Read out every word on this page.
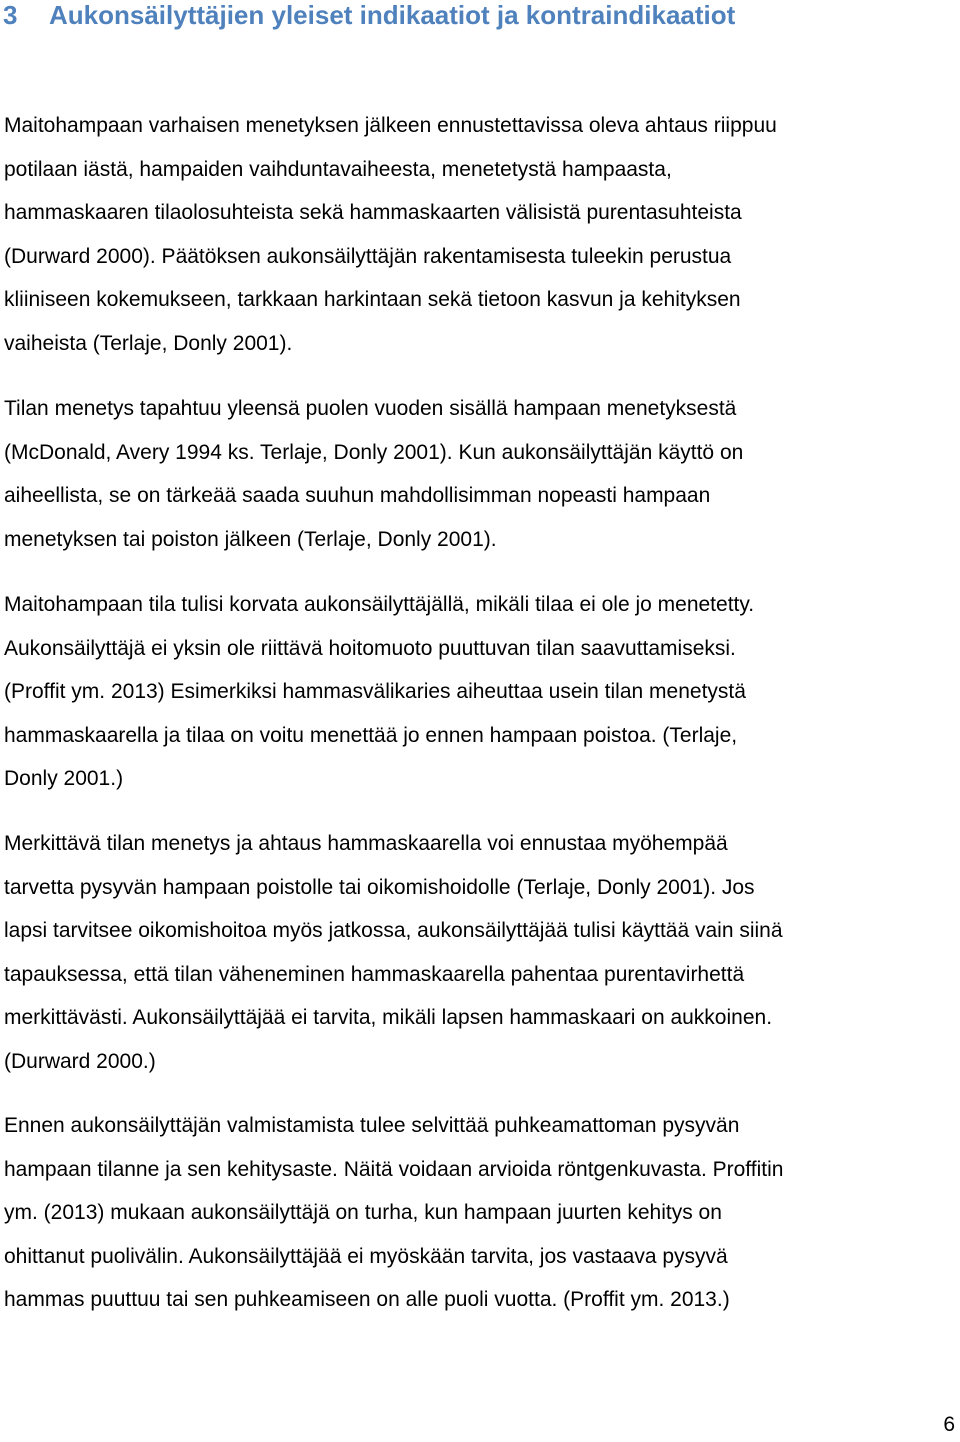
3 Aukonsäilyttäjien yleiset indikaatiot ja kontraindikaatiot
Maitohampaan varhaisen menetyksen jälkeen ennustettavissa oleva ahtaus riippuu
potilaan iästä, hampaiden vaihduntavaiheesta, menetetystä hampaasta,
hammaskaaren tilaolosuhteista sekä hammaskaarten välisistä purentasuhteista
(Durward 2000). Päätöksen aukonsäilyttäjän rakentamisesta tuleekin perustua
kliiniseen kokemukseen, tarkkaan harkintaan sekä tietoon kasvun ja kehityksen
vaiheista (Terlaje, Donly 2001).
Tilan menetys tapahtuu yleensä puolen vuoden sisällä hampaan menetyksestä
(McDonald, Avery 1994 ks. Terlaje, Donly 2001). Kun aukonsäilyttäjän käyttö on
aiheellista, se on tärkeää saada suuhun mahdollisimman nopeasti hampaan
menetyksen tai poiston jälkeen (Terlaje, Donly 2001).
Maitohampaan tila tulisi korvata aukonsäilyttäjällä, mikäli tilaa ei ole jo menetetty.
Aukonsäilyttäjä ei yksin ole riittävä hoitomuoto puuttuvan tilan saavuttamiseksi.
(Proffit ym. 2013) Esimerkiksi hammasvälikaries aiheuttaa usein tilan menetystä
hammaskaarella ja tilaa on voitu menettää jo ennen hampaan poistoa. (Terlaje,
Donly 2001.)
Merkittävä tilan menetys ja ahtaus hammaskaarella voi ennustaa myöhempää
tarvetta pysyvän hampaan poistolle tai oikomishoidolle (Terlaje, Donly 2001). Jos
lapsi tarvitsee oikomishoitoa myös jatkossa, aukonsäilyttäjää tulisi käyttää vain siinä
tapauksessa, että tilan väheneminen hammaskaarella pahentaa purentavirhettä
merkittävästi. Aukonsäilyttäjää ei tarvita, mikäli lapsen hammaskaari on aukkoinen.
(Durward 2000.)
Ennen aukonsäilyttäjän valmistamista tulee selvittää puhkeamattoman pysyvän
hampaan tilanne ja sen kehitysaste. Näitä voidaan arvioida röntgenkuvasta. Proffitin
ym. (2013) mukaan aukonsäilyttäjä on turha, kun hampaan juurten kehitys on
ohittanut puolivälin. Aukonsäilyttäjää ei myöskään tarvita, jos vastaava pysyvä
hammas puuttuu tai sen puhkeamiseen on alle puoli vuotta. (Proffit ym. 2013.)
6
